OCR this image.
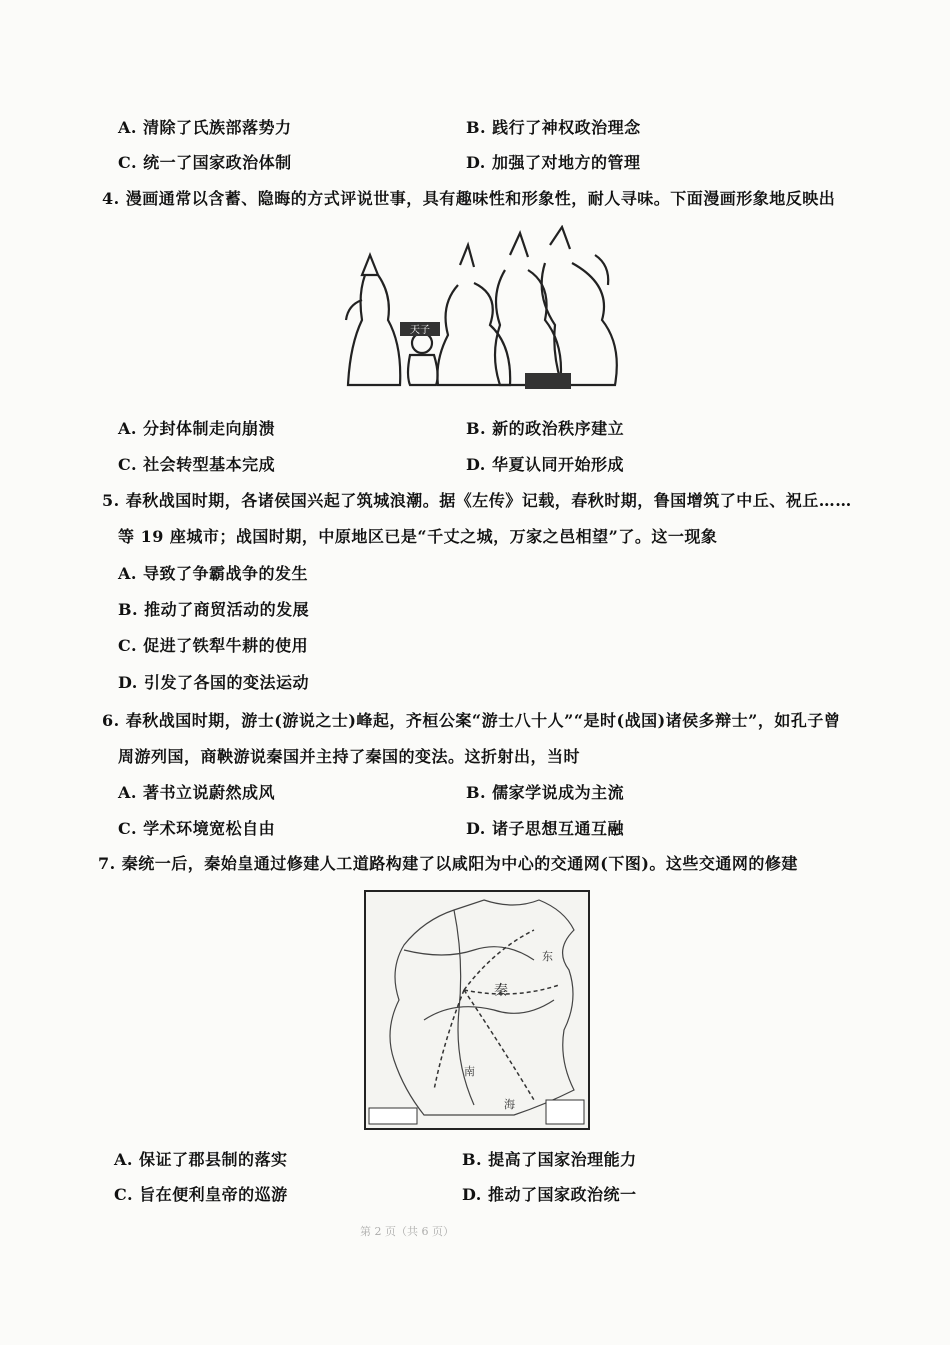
A. 清除了氏族部落势力	B. 践行了神权政治理念
C. 统一了国家政治体制	D. 加强了对地方的管理
4. 漫画通常以含蓄、隐晦的方式评说世事，具有趣味性和形象性，耐人寻味。下面漫画形象地反映出
天子
A. 分封体制走向崩溃	B. 新的政治秩序建立
C. 社会转型基本完成	D. 华夏认同开始形成
5. 春秋战国时期，各诸侯国兴起了筑城浪潮。据《左传》记载，春秋时期，鲁国增筑了中丘、祝丘……
等 19 座城市；战国时期，中原地区已是“千丈之城，万家之邑相望”了。这一现象
A. 导致了争霸战争的发生
B. 推动了商贸活动的发展
C. 促进了铁犁牛耕的使用
D. 引发了各国的变法运动
6. 春秋战国时期，游士(游说之士)峰起，齐桓公案“游士八十人”“是时(战国)诸侯多辩士”，如孔子曾
周游列国，商鞅游说秦国并主持了秦国的变法。这折射出，当时
A. 著书立说蔚然成风	B. 儒家学说成为主流
C. 学术环境宽松自由	D. 诸子思想互通互融
7. 秦统一后，秦始皇通过修建人工道路构建了以咸阳为中心的交通网(下图)。这些交通网的修建
秦
东
南
海
A. 保证了郡县制的落实	B. 提高了国家治理能力
C. 旨在便利皇帝的巡游	D. 推动了国家政治统一
第 2 页（共 6 页）
